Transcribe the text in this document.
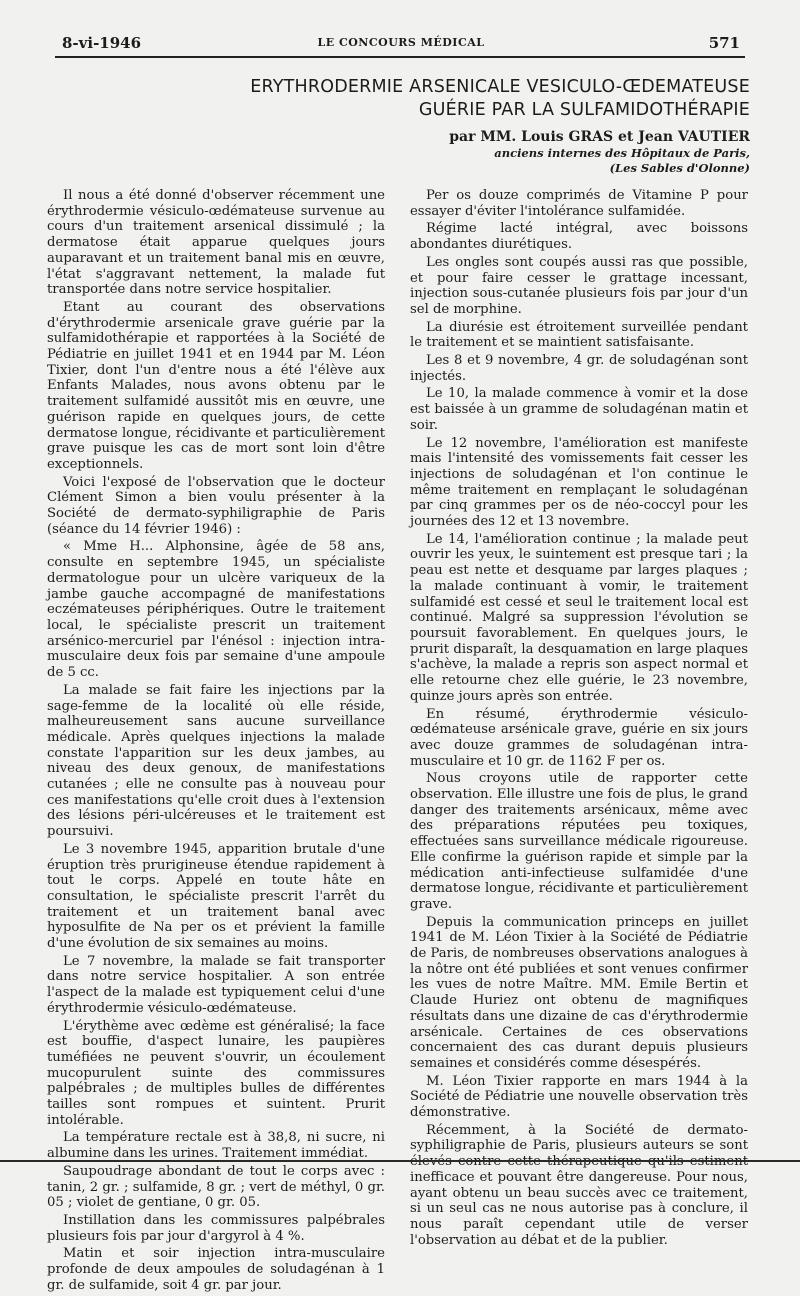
8-vi-1946	LE CONCOURS MÉDICAL	571
ERYTHRODERMIE ARSENICALE VESICULO-ŒDEMATEUSE
GUÉRIE PAR LA SULFAMIDOTHÉRAPIE
par MM. Louis GRAS et Jean VAUTIER
anciens internes des Hôpitaux de Paris,
(Les Sables d'Olonne)

Il nous a été donné d'observer récemment une érythrodermie vésiculo-œdémateuse survenue au cours d'un traitement arsenical dissimulé ; la dermatose était apparue quelques jours auparavant et un traitement banal mis en œuvre, l'état s'aggravant nettement, la malade fut transportée dans notre service hospitalier.

Etant au courant des observations d'érythrodermie arsenicale grave guérie par la sulfamidothérapie et rapportées à la Société de Pédiatrie en juillet 1941 et en 1944 par M. Léon Tixier, dont l'un d'entre nous a été l'élève aux Enfants Malades, nous avons obtenu par le traitement sulfamidé aussitôt mis en œuvre, une guérison rapide en quelques jours, de cette dermatose longue, récidivante et particulièrement grave puisque les cas de mort sont loin d'être exceptionnels.

Voici l'exposé de l'observation que le docteur Clément Simon a bien voulu présenter à la Société de dermato-syphiligraphie de Paris (séance du 14 février 1946) :

« Mme H... Alphonsine, âgée de 58 ans, consulte en septembre 1945, un spécialiste dermatologue pour un ulcère variqueux de la jambe gauche accompagné de manifestations eczémateuses périphériques. Outre le traitement local, le spécialiste prescrit un traitement arsénico-mercuriel par l'énésol : injection intra-musculaire deux fois par semaine d'une ampoule de 5 cc.

La malade se fait faire les injections par la sage-femme de la localité où elle réside, malheureusement sans aucune surveillance médicale. Après quelques injections la malade constate l'apparition sur les deux jambes, au niveau des deux genoux, de manifestations cutanées ; elle ne consulte pas à nouveau pour ces manifestations qu'elle croit dues à l'extension des lésions péri-ulcéreuses et le traitement est poursuivi.

Le 3 novembre 1945, apparition brutale d'une éruption très prurigineuse étendue rapidement à tout le corps. Appelé en toute hâte en consultation, le spécialiste prescrit l'arrêt du traitement et un traitement banal avec hyposulfite de Na per os et prévient la famille d'une évolution de six semaines au moins.

Le 7 novembre, la malade se fait transporter dans notre service hospitalier. A son entrée l'aspect de la malade est typiquement celui d'une érythrodermie vésiculo-œdémateuse.

L'érythème avec œdème est généralisé; la face est bouffie, d'aspect lunaire, les paupières tuméfiées ne peuvent s'ouvrir, un écoulement mucopurulent suinte des commissures palpébrales ; de multiples bulles de différentes tailles sont rompues et suintent. Prurit intolérable.

La température rectale est à 38,8, ni sucre, ni albumine dans les urines. Traitement immédiat.

Saupoudrage abondant de tout le corps avec : tanin, 2 gr. ; sulfamide, 8 gr. ; vert de méthyl, 0 gr. 05 ; violet de gentiane, 0 gr. 05.

Instillation dans les commissures palpébrales plusieurs fois par jour d'argyrol à 4 %.

Matin et soir injection intra-musculaire profonde de deux ampoules de soludagénan à 1 gr. de sulfamide, soit 4 gr. par jour.

Per os douze comprimés de Vitamine P pour essayer d'éviter l'intolérance sulfamidée.

Régime lacté intégral, avec boissons abondantes diurétiques.

Les ongles sont coupés aussi ras que possible, et pour faire cesser le grattage incessant, injection sous-cutanée plusieurs fois par jour d'un sel de morphine.

La diurésie est étroitement surveillée pendant le traitement et se maintient satisfaisante.

Les 8 et 9 novembre, 4 gr. de soludagénan sont injectés.

Le 10, la malade commence à vomir et la dose est baissée à un gramme de soludagénan matin et soir.

Le 12 novembre, l'amélioration est manifeste mais l'intensité des vomissements fait cesser les injections de soludagénan et l'on continue le même traitement en remplaçant le soludagénan par cinq grammes per os de néo-coccyl pour les journées des 12 et 13 novembre.

Le 14, l'amélioration continue ; la malade peut ouvrir les yeux, le suintement est presque tari ; la peau est nette et desquame par larges plaques ; la malade continuant à vomir, le traitement sulfamidé est cessé et seul le traitement local est continué. Malgré sa suppression l'évolution se poursuit favorablement. En quelques jours, le prurit disparaît, la desquamation en large plaques s'achève, la malade a repris son aspect normal et elle retourne chez elle guérie, le 23 novembre, quinze jours après son entrée.

En résumé, érythrodermie vésiculo-œdémateuse arsénicale grave, guérie en six jours avec douze grammes de soludagénan intra-musculaire et 10 gr. de 1162 F per os.

Nous croyons utile de rapporter cette observation. Elle illustre une fois de plus, le grand danger des traitements arsénicaux, même avec des préparations réputées peu toxiques, effectuées sans surveillance médicale rigoureuse. Elle confirme la guérison rapide et simple par la médication anti-infectieuse sulfamidée d'une dermatose longue, récidivante et particulièrement grave.

Depuis la communication princeps en juillet 1941 de M. Léon Tixier à la Société de Pédiatrie de Paris, de nombreuses observations analogues à la nôtre ont été publiées et sont venues confirmer les vues de notre Maître. MM. Emile Bertin et Claude Huriez ont obtenu de magnifiques résultats dans une dizaine de cas d'érythrodermie arsénicale. Certaines de ces observations concernaient des cas durant depuis plusieurs semaines et considérés comme désespérés.

M. Léon Tixier rapporte en mars 1944 à la Société de Pédiatrie une nouvelle observation très démonstrative.

Récemment, à la Société de dermato-syphiligraphie de Paris, plusieurs auteurs se sont élevés contre cette thérapeutique qu'ils estiment inefficace et pouvant être dangereuse. Pour nous, ayant obtenu un beau succès avec ce traitement, si un seul cas ne nous autorise pas à conclure, il nous paraît cependant utile de verser l'observation au débat et de la publier.
